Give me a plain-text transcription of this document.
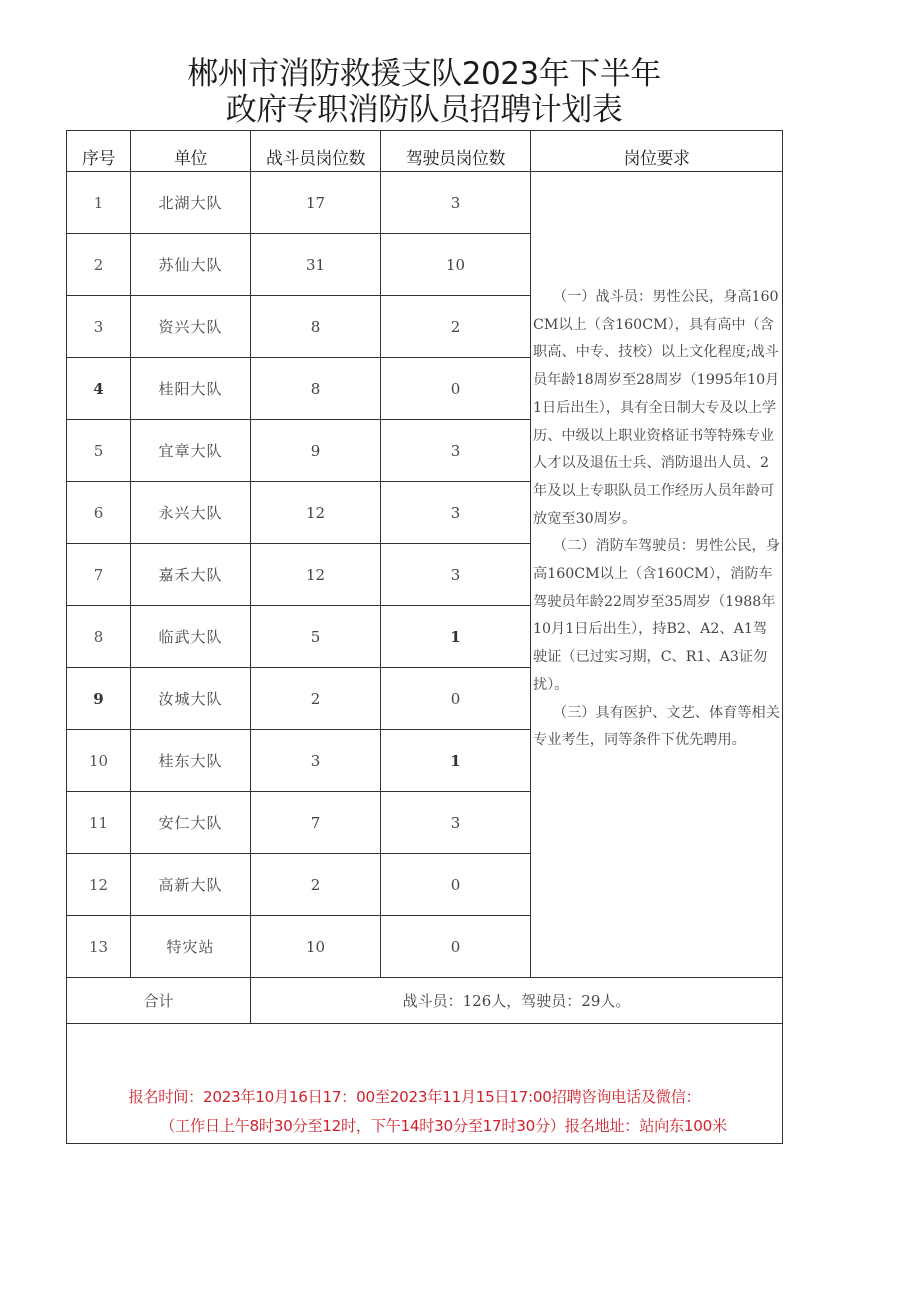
郴州市消防救援支队2023年下半年
政府专职消防队员招聘计划表
序号	单位	战斗员岗位数	驾驶员岗位数	岗位要求
1	北湖大队	17	3	（一）战斗员：男性公民，身高160CM以上（含160CM），具有高中（含职高、中专、技校）以上文化程度;战斗员年龄18周岁至28周岁（1995年10月1日后出生），具有全日制大专及以上学历、中级以上职业资格证书等特殊专业人才以及退伍士兵、消防退出人员、2年及以上专职队员工作经历人员年龄可放宽至30周岁。

（二）消防车驾驶员：男性公民，身高160CM以上（含160CM），消防车驾驶员年龄22周岁至35周岁（1988年10月1日后出生），持B2、A2、A1驾驶证（已过实习期，C、R1、A3证勿扰）。

（三）具有医护、文艺、体育等相关专业考生，同等条件下优先聘用。

2	苏仙大队	31	10	
3	资兴大队	8	2	
4	桂阳大队	8	0	
5	宜章大队	9	3	
6	永兴大队	12	3	
7	嘉禾大队	12	3	
8	临武大队	5	1	
9	汝城大队	2	0	
10	桂东大队	3	1	
11	安仁大队	7	3	
12	高新大队	2	0	
13	特灾站	10	0	
合计		战斗员：126人，驾驶员：29人。		

报名时间：2023年10月16日17：00至2023年11月15日17:00招聘咨询电话及微信：
（工作日上午8时30分至12时，下午14时30分至17时30分）报名地址：站向东100米				
